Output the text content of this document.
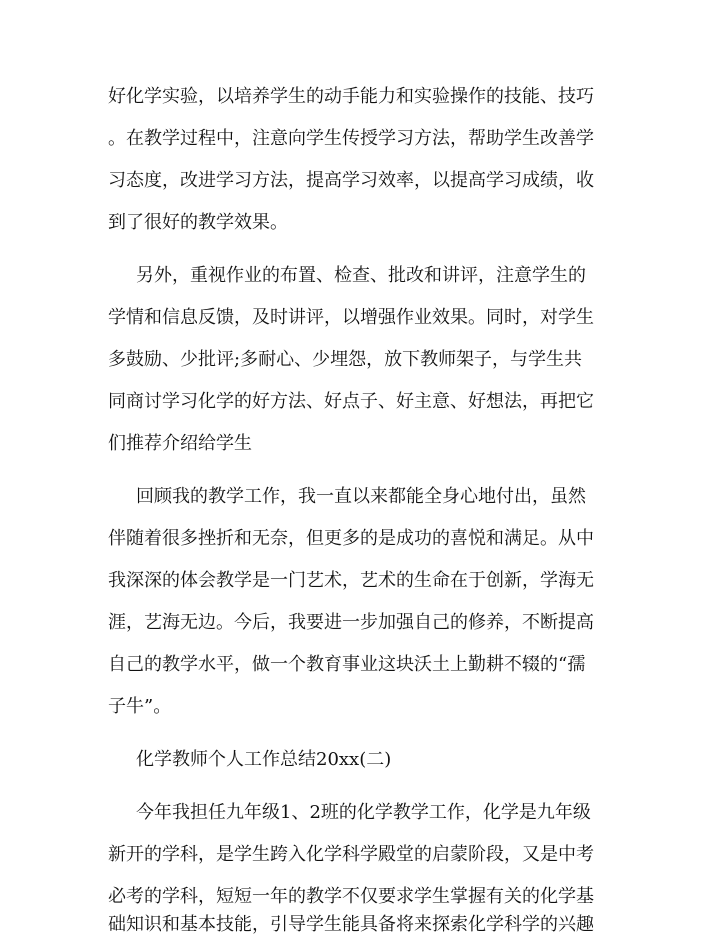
好化学实验，以培养学生的动手能力和实验操作的技能、技巧
。在教学过程中，注意向学生传授学习方法，帮助学生改善学
习态度，改进学习方法，提高学习效率，以提高学习成绩，收
到了很好的教学效果。
另外，重视作业的布置、检查、批改和讲评，注意学生的
学情和信息反馈，及时讲评，以增强作业效果。同时，对学生
多鼓励、少批评;多耐心、少埋怨，放下教师架子，与学生共
同商讨学习化学的好方法、好点子、好主意、好想法，再把它
们推荐介绍给学生
回顾我的教学工作，我一直以来都能全身心地付出，虽然
伴随着很多挫折和无奈，但更多的是成功的喜悦和满足。从中
我深深的体会教学是一门艺术，艺术的生命在于创新，学海无
涯，艺海无边。今后，我要进一步加强自己的修养，不断提高
自己的教学水平，做一个教育事业这块沃土上勤耕不辍的“孺
子牛”。
化学教师个人工作总结20xx(二)
今年我担任九年级1、2班的化学教学工作，化学是九年级
新开的学科，是学生跨入化学科学殿堂的启蒙阶段，又是中考
必考的学科，短短一年的教学不仅要求学生掌握有关的化学基
础知识和基本技能，引导学生能具备将来探索化学科学的兴趣
